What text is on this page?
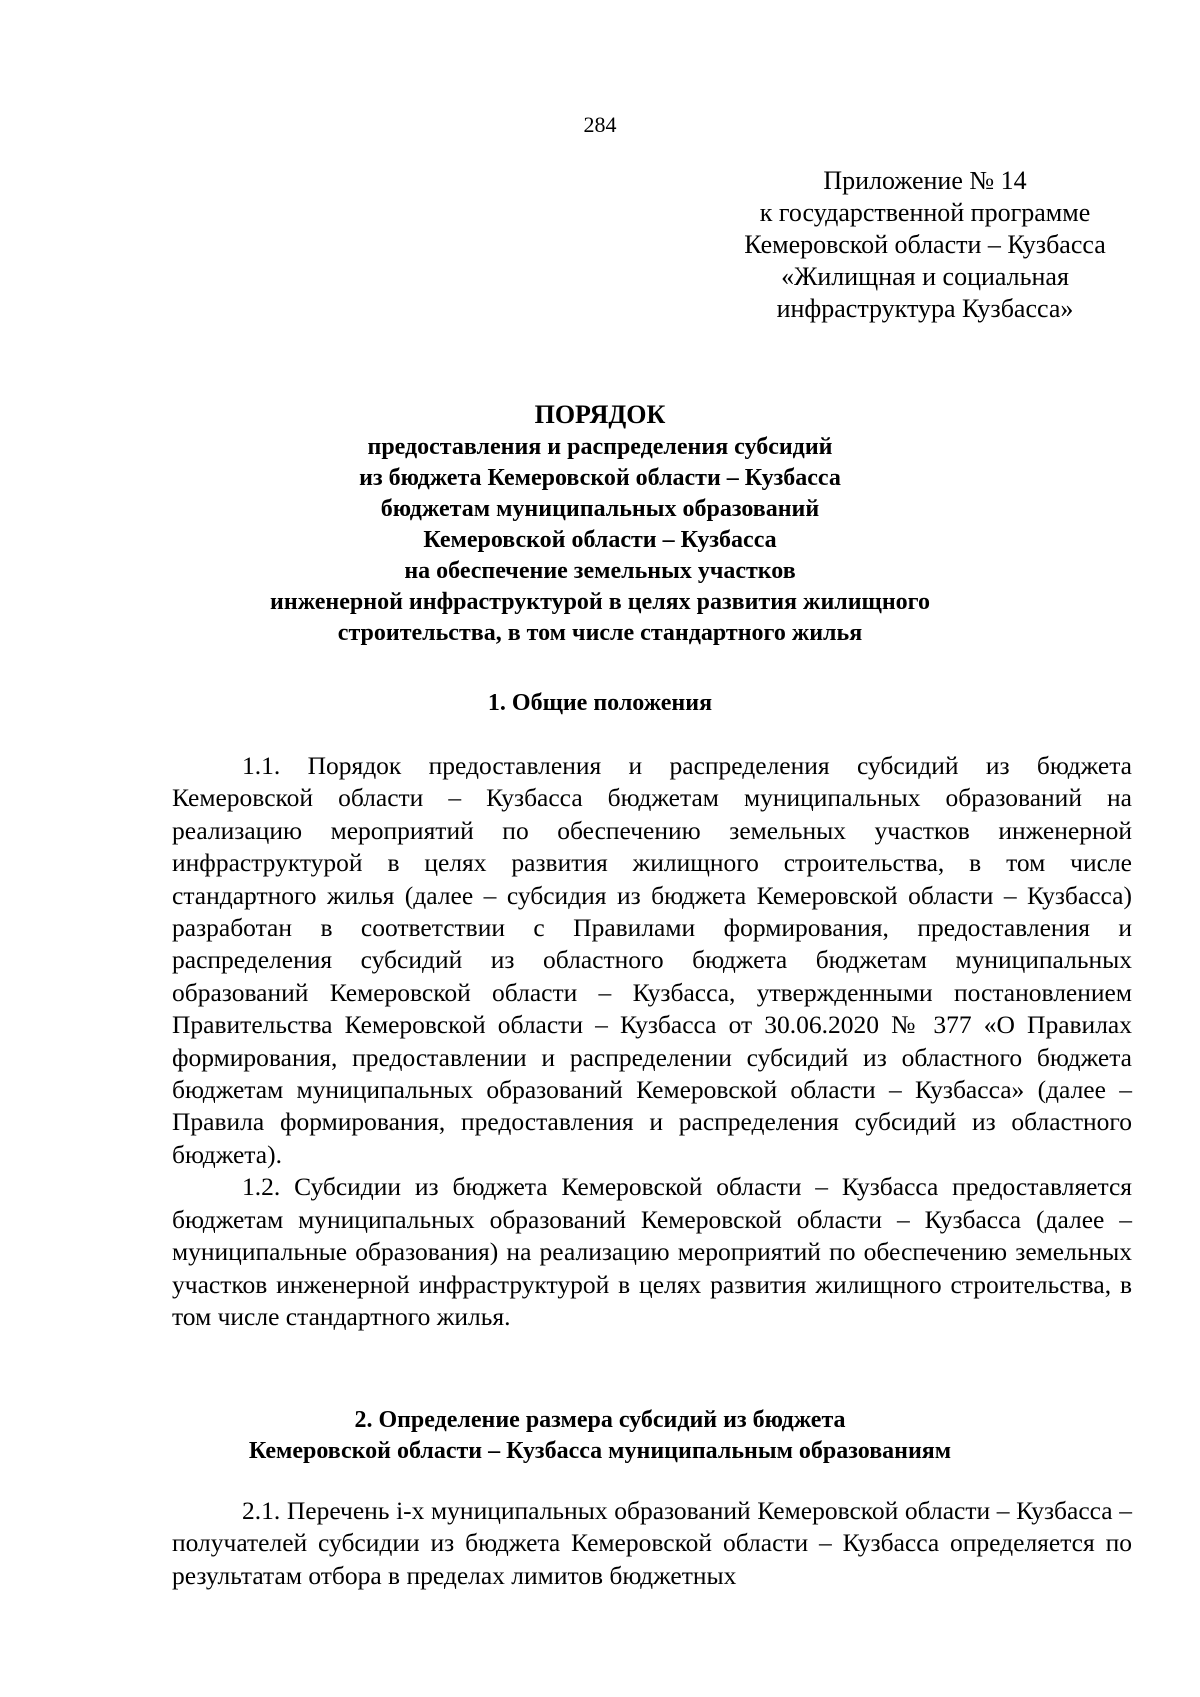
284
Приложение № 14
к государственной программе
Кемеровской области – Кузбасса
«Жилищная и социальная
инфраструктура Кузбасса»
ПОРЯДОК
предоставления и распределения субсидий
из бюджета Кемеровской области – Кузбасса
бюджетам муниципальных образований
Кемеровской области – Кузбасса
на обеспечение земельных участков
инженерной инфраструктурой в целях развития жилищного
строительства, в том числе стандартного жилья
1. Общие положения

1.1. Порядок предоставления и распределения субсидий из бюджета Кемеровской области – Кузбасса бюджетам муниципальных образований на реализацию мероприятий по обеспечению земельных участков инженерной инфраструктурой в целях развития жилищного строительства, в том числе стандартного жилья (далее – субсидия из бюджета Кемеровской области – Кузбасса) разработан в соответствии с Правилами формирования, предоставления и распределения субсидий из областного бюджета бюджетам муниципальных образований Кемеровской области – Кузбасса, утвержденными постановлением Правительства Кемеровской области – Кузбасса от 30.06.2020 № 377 «О Правилах формирования, предоставлении и распределении субсидий из областного бюджета бюджетам муниципальных образований Кемеровской области – Кузбасса» (далее – Правила формирования, предоставления и распределения субсидий из областного бюджета).

1.2. Субсидии из бюджета Кемеровской области – Кузбасса предоставляется бюджетам муниципальных образований Кемеровской области – Кузбасса (далее – муниципальные образования) на реализацию мероприятий по обеспечению земельных участков инженерной инфраструктурой в целях развития жилищного строительства, в том числе стандартного жилья.

2. Определение размера субсидий из бюджета
Кемеровской области – Кузбасса муниципальным образованиям

2.1. Перечень i-х муниципальных образований Кемеровской области – Кузбасса – получателей субсидии из бюджета Кемеровской области – Кузбасса определяется по результатам отбора в пределах лимитов бюджетных
